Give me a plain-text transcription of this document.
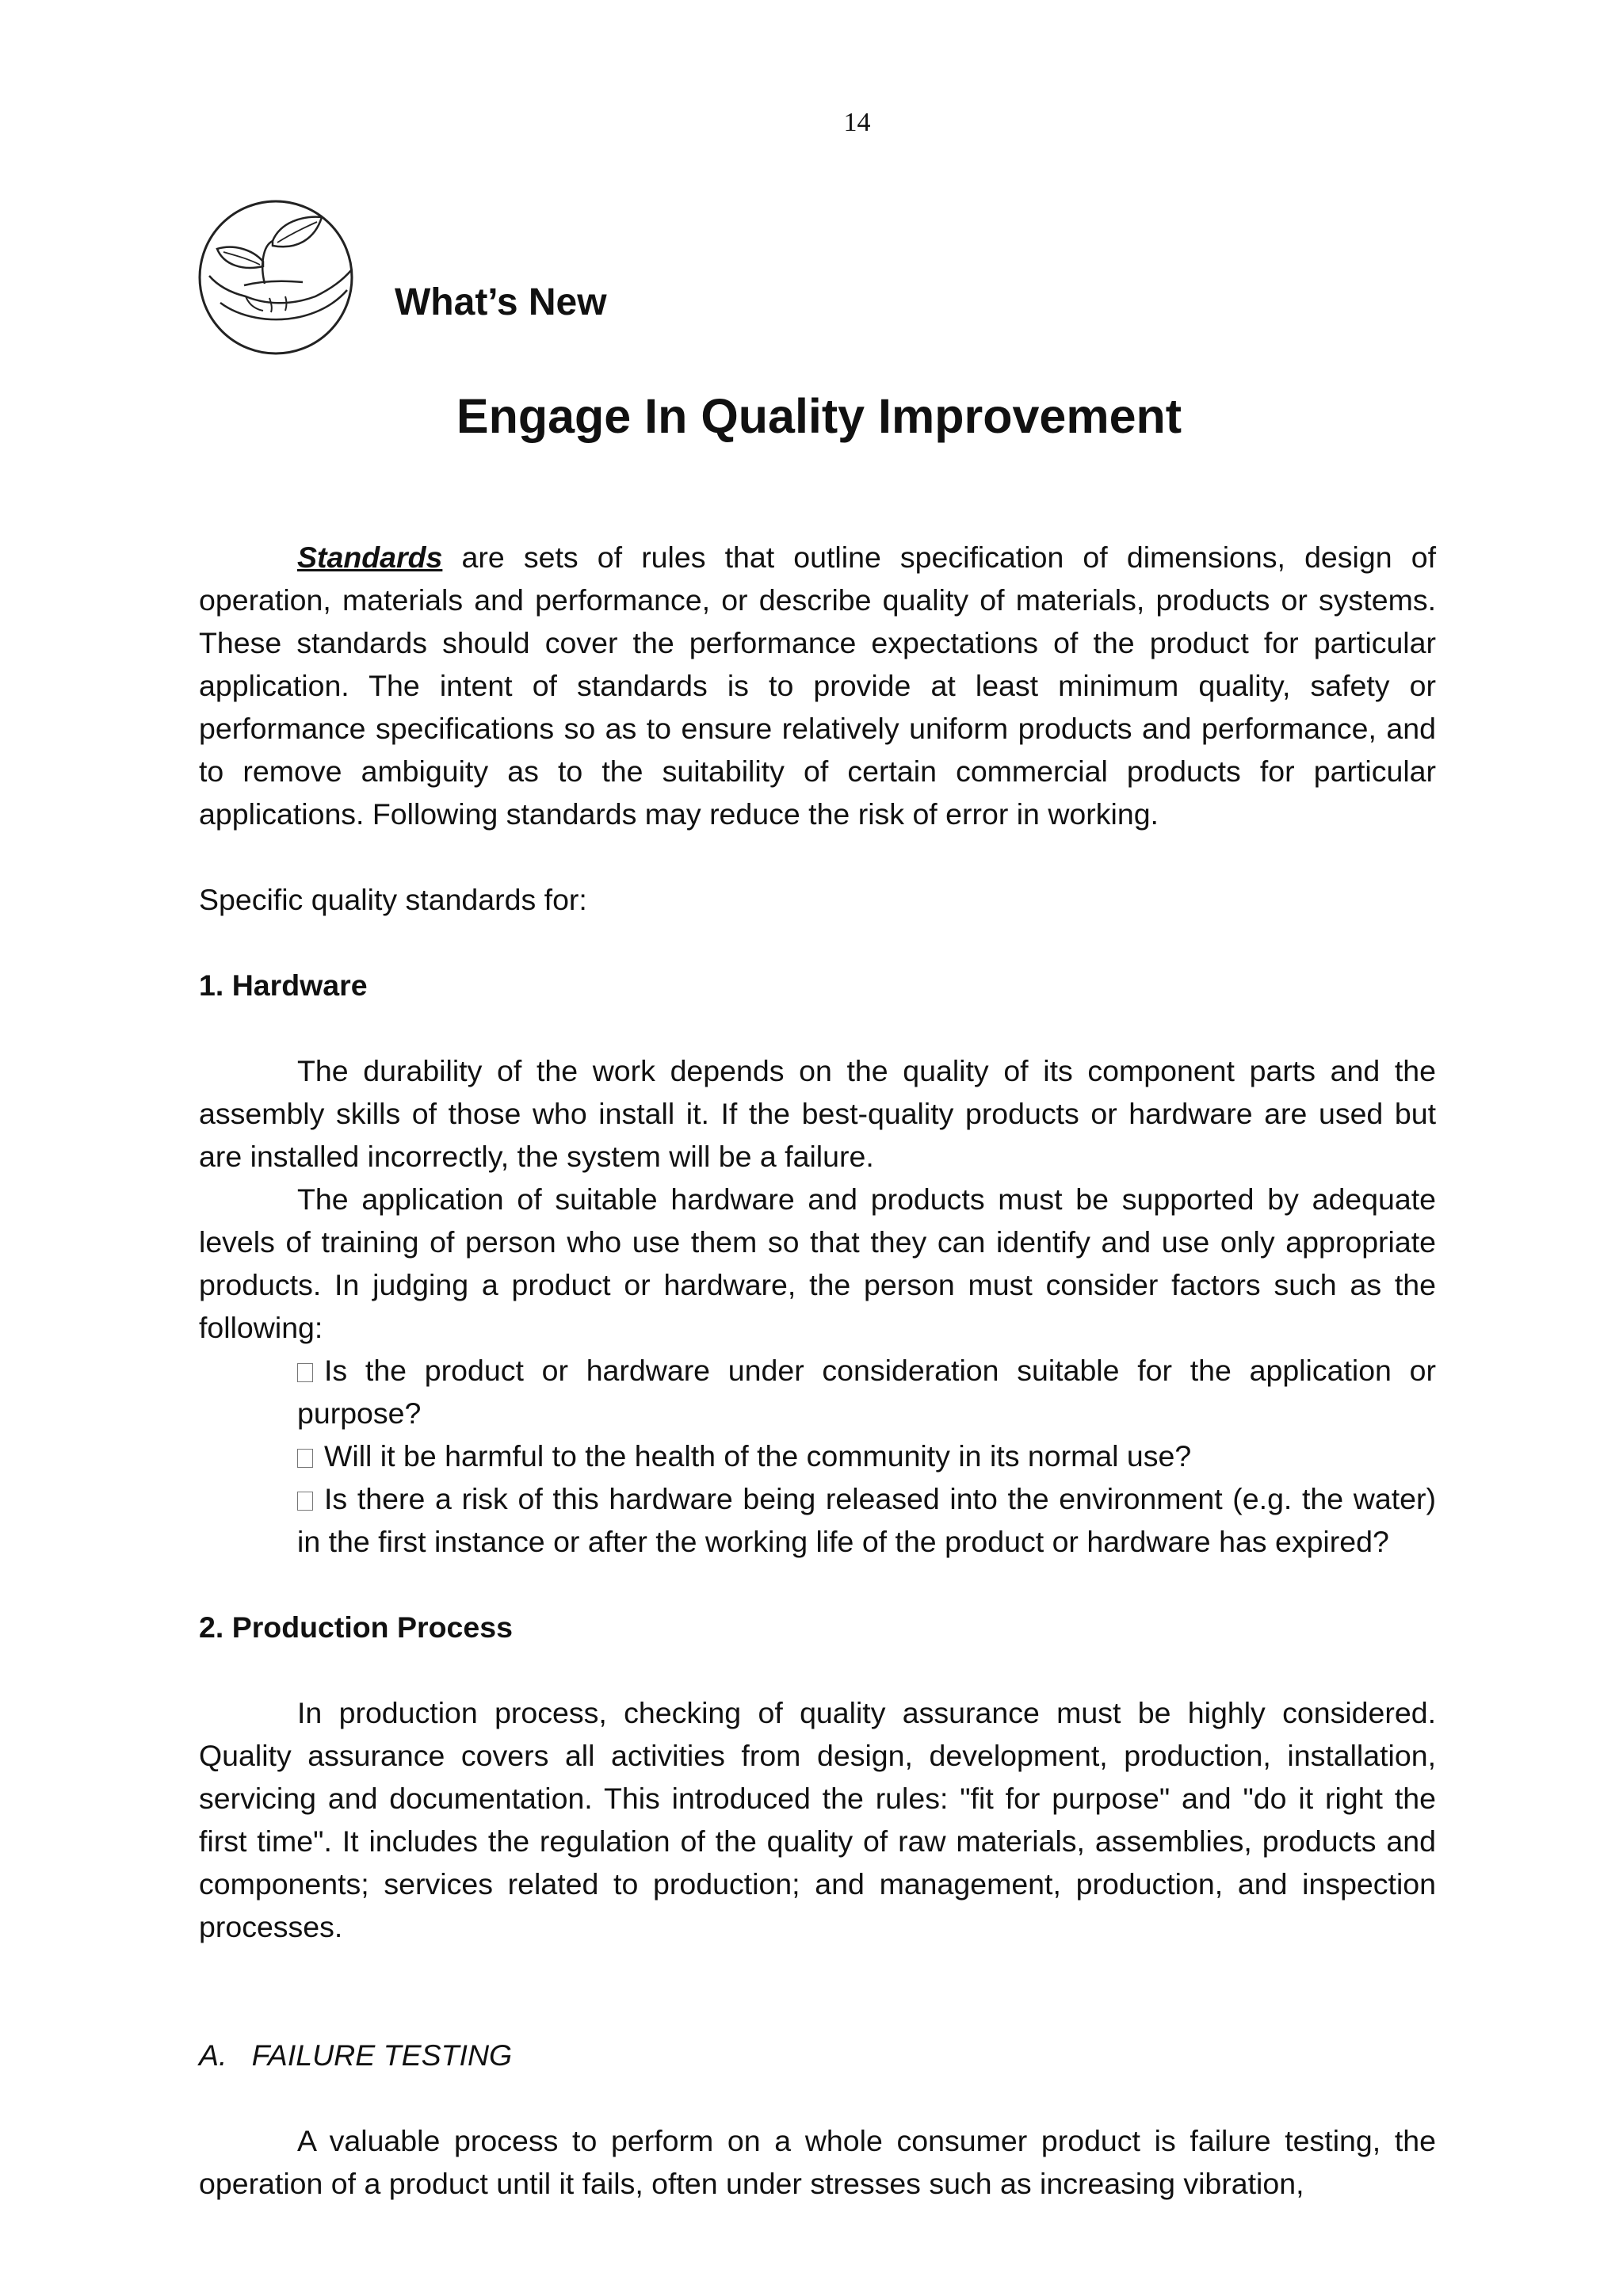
14
What’s New
Engage In Quality Improvement

Standards are sets of rules that outline specification of dimensions, design of operation, materials and performance, or describe quality of materials, products or systems. These standards should cover the performance expectations of the product for particular application. The intent of standards is to provide at least minimum quality, safety or performance specifications so as to ensure relatively uniform products and performance, and to remove ambiguity as to the suitability of certain commercial products for particular applications. Following standards may reduce the risk of error in working.

Specific quality standards for:

1. Hardware

The durability of the work depends on the quality of its component parts and the assembly skills of those who install it. If the best-quality products or hardware are used but are installed incorrectly, the system will be a failure.

The application of suitable hardware and products must be supported by adequate levels of training of person who use them so that they can identify and use only appropriate products. In judging a product or hardware, the person must consider factors such as the following:

Is the product or hardware under consideration suitable for the application or purpose?

Will it be harmful to the health of the community in its normal use?

Is there a risk of this hardware being released into the environment (e.g. the water) in the first instance or after the working life of the product or hardware has expired?

2. Production Process

In production process, checking of quality assurance must be highly considered. Quality assurance covers all activities from design, development, production, installation, servicing and documentation. This introduced the rules: "fit for purpose" and "do it right the first time". It includes the regulation of the quality of raw materials, assemblies, products and components; services related to production; and management, production, and inspection processes.

A.   FAILURE TESTING

A valuable process to perform on a whole consumer product is failure testing, the operation of a product until it fails, often under stresses such as increasing vibration,
